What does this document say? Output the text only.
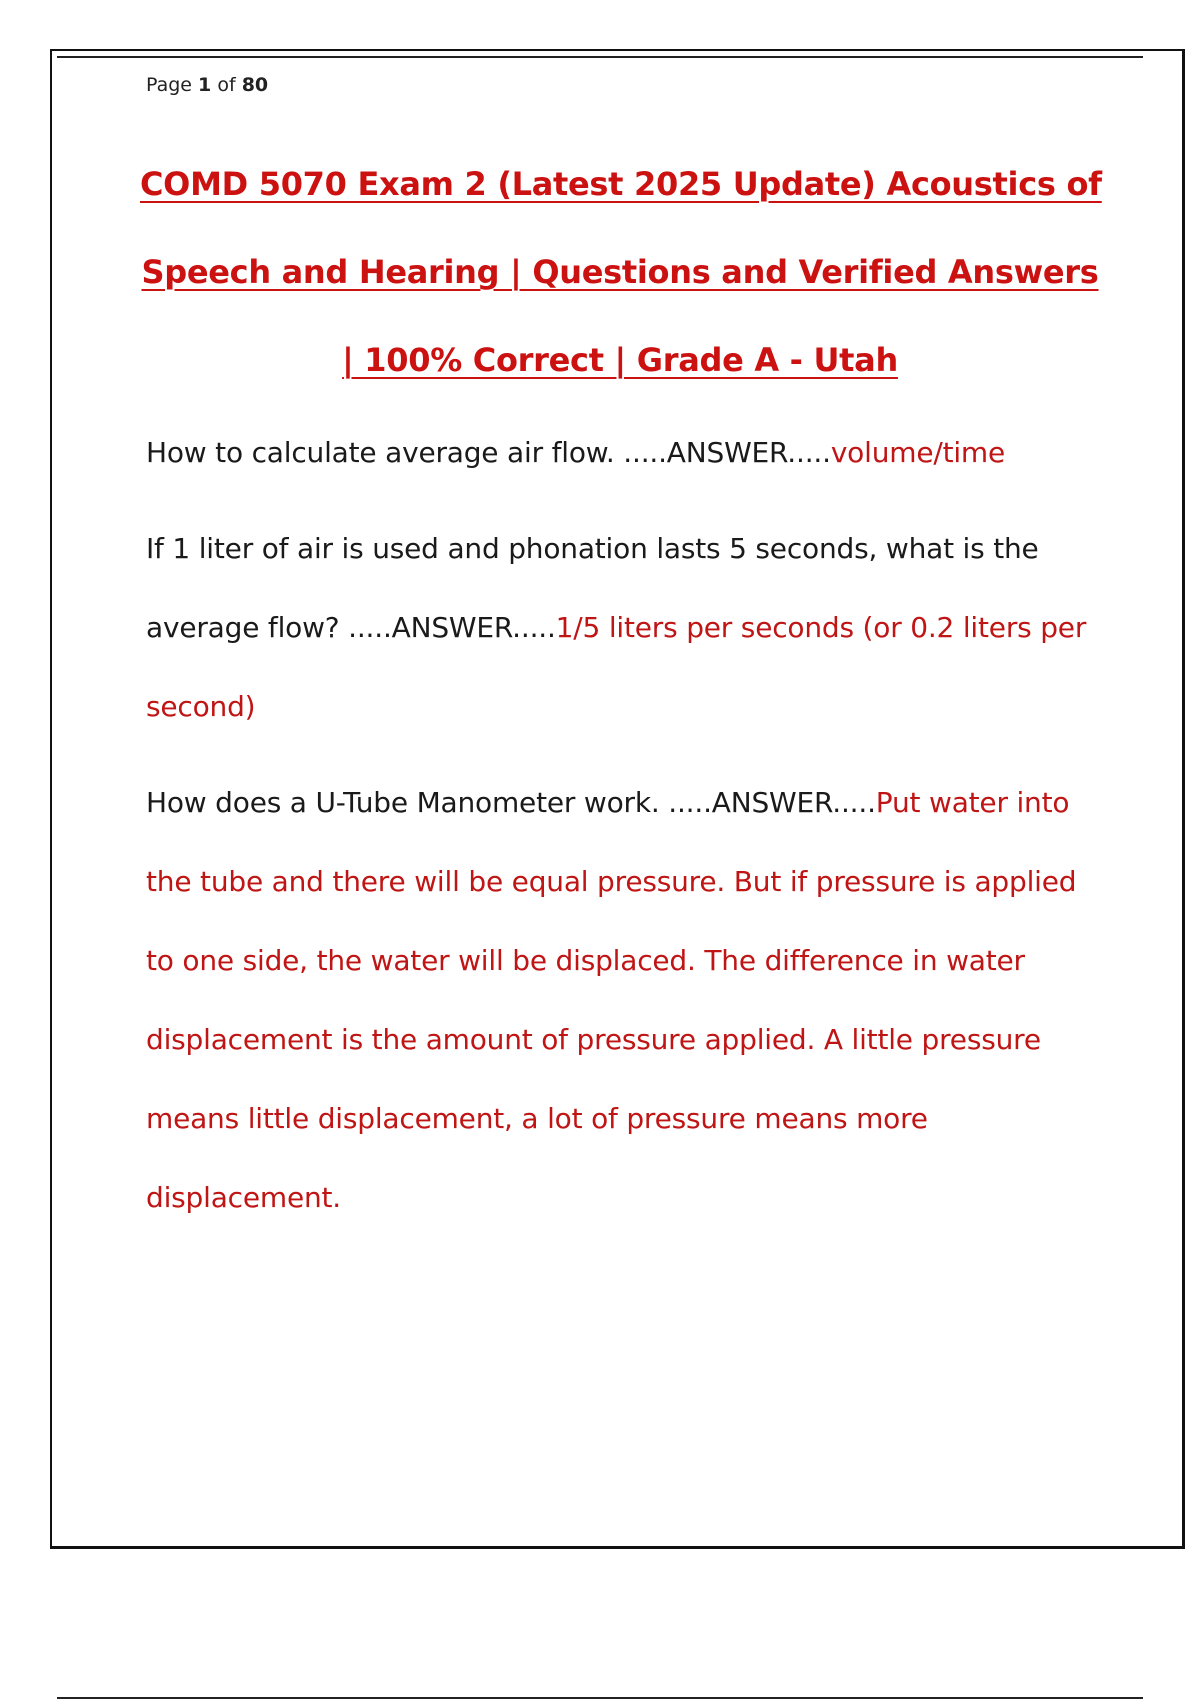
Page 1 of 80
COMD 5070 Exam 2 (Latest 2025 Update) Acoustics of
Speech and Hearing | Questions and Verified Answers
| 100% Correct | Grade A - Utah

How to calculate average air flow. .....ANSWER.....volume/time

If 1 liter of air is used and phonation lasts 5 seconds, what is the average flow? .....ANSWER.....1/5 liters per seconds (or 0.2 liters per second)

How does a U-Tube Manometer work. .....ANSWER.....Put water into the tube and there will be equal pressure. But if pressure is applied to one side, the water will be displaced. The difference in water displacement is the amount of pressure applied. A little pressure means little displacement, a lot of pressure means more displacement.
